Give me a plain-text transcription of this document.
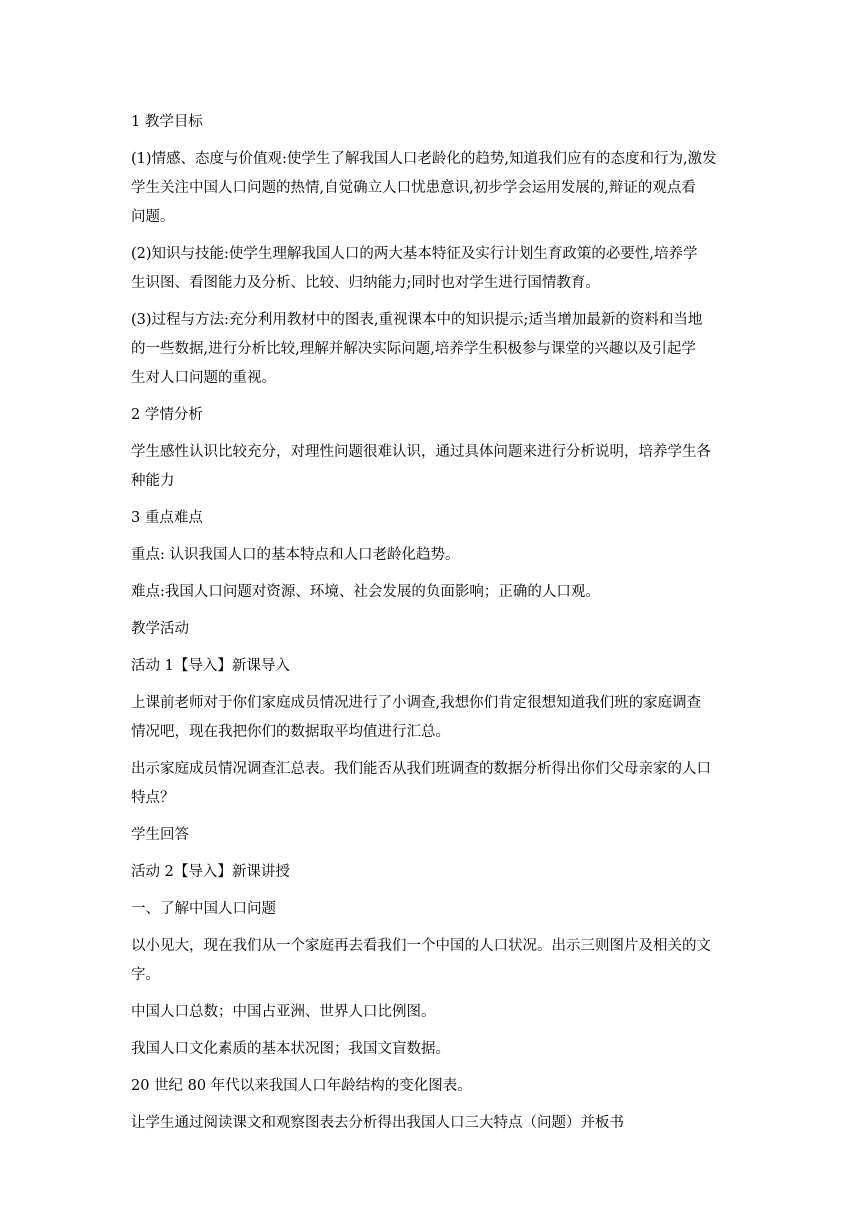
1 教学目标

(1)情感、态度与价值观:使学生了解我国人口老龄化的趋势,知道我们应有的态度和行为,激发
学生关注中国人口问题的热情,自觉确立人口忧患意识,初步学会运用发展的,辩证的观点看
问题。

(2)知识与技能:使学生理解我国人口的两大基本特征及实行计划生育政策的必要性,培养学
生识图、看图能力及分析、比较、归纳能力;同时也对学生进行国情教育。

(3)过程与方法:充分利用教材中的图表,重视课本中的知识提示;适当增加最新的资料和当地
的一些数据,进行分析比较,理解并解决实际问题,培养学生积极参与课堂的兴趣以及引起学
生对人口问题的重视。

2 学情分析

学生感性认识比较充分，对理性问题很难认识，通过具体问题来进行分析说明，培养学生各
种能力

3 重点难点

重点: 认识我国人口的基本特点和人口老龄化趋势。

难点:我国人口问题对资源、环境、社会发展的负面影响；正确的人口观。

教学活动

活动 1【导入】新课导入

上课前老师对于你们家庭成员情况进行了小调查,我想你们肯定很想知道我们班的家庭调查
情况吧，现在我把你们的数据取平均值进行汇总。

出示家庭成员情况调查汇总表。我们能否从我们班调查的数据分析得出你们父母亲家的人口
特点？

学生回答

活动 2【导入】新课讲授

一、了解中国人口问题

以小见大，现在我们从一个家庭再去看我们一个中国的人口状况。出示三则图片及相关的文
字。

中国人口总数；中国占亚洲、世界人口比例图。

我国人口文化素质的基本状况图；我国文盲数据。

20 世纪 80 年代以来我国人口年龄结构的变化图表。

让学生通过阅读课文和观察图表去分析得出我国人口三大特点（问题）并板书
